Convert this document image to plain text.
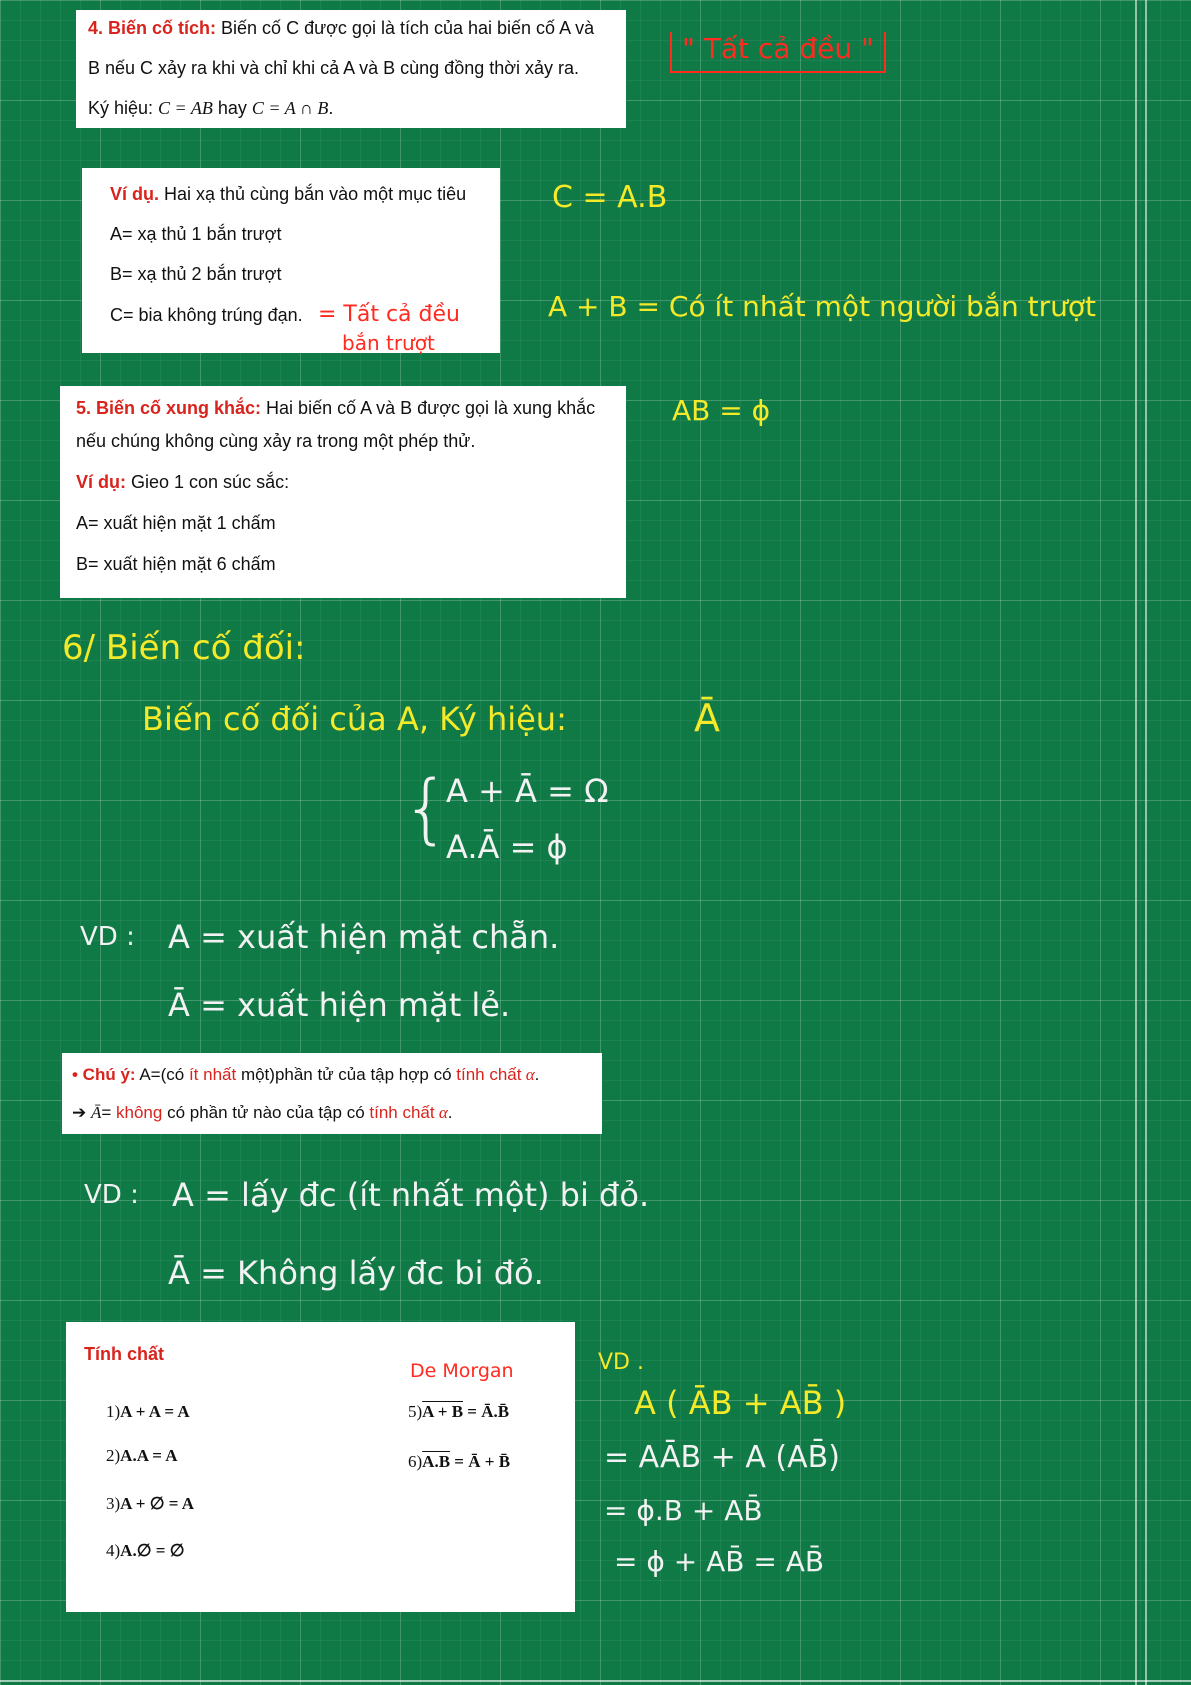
4. Biến cố tích: Biến cố C được gọi là tích của hai biến cố A và

B nếu C xảy ra khi và chỉ khi cả A và B cùng đồng thời xảy ra.

Ký hiệu: C = AB hay C = A ∩ B.

Ví dụ. Hai xạ thủ cùng bắn vào một mục tiêu

A= xạ thủ 1 bắn trượt

B= xạ thủ 2 bắn trượt

C= bia không trúng đạn.

5. Biến cố xung khắc: Hai biến cố A và B được gọi là xung khắc

nếu chúng không cùng xảy ra trong một phép thử.

Ví dụ: Gieo 1 con súc sắc:

A= xuất hiện mặt 1 chấm

B= xuất hiện mặt 6 chấm

• Chú ý: A=(có ít nhất một)phần tử của tập hợp có tính chất α.

➔ Ā= không có phần tử nào của tập có tính chất α.

Tính chất

1)A + A = A

2)A.A = A

3)A + ∅ = A

4)A.∅ = ∅

5)A + B = Ā.B̄

6)A.B = Ā + B̄

" Tất cả đều "
C = A.B
= Tất cả đều
bắn trượt
A + B = Có ít nhất một người bắn trượt
AB = ϕ
6/ Biến cố đối:
Biến cố đối của A, Ký hiệu:	Ā
{
A + Ā = Ω
A.Ā = ϕ
VD : A = xuất hiện mặt chẵn.
Ā = xuất hiện mặt lẻ.
VD : A = lấy đc (ít nhất một) bi đỏ.
Ā = Không lấy đc bi đỏ.
De Morgan	VD .
A ( ĀB + AB̄ )
= AĀB + A (AB̄)
= ϕ.B + AB̄
= ϕ + AB̄ = AB̄
